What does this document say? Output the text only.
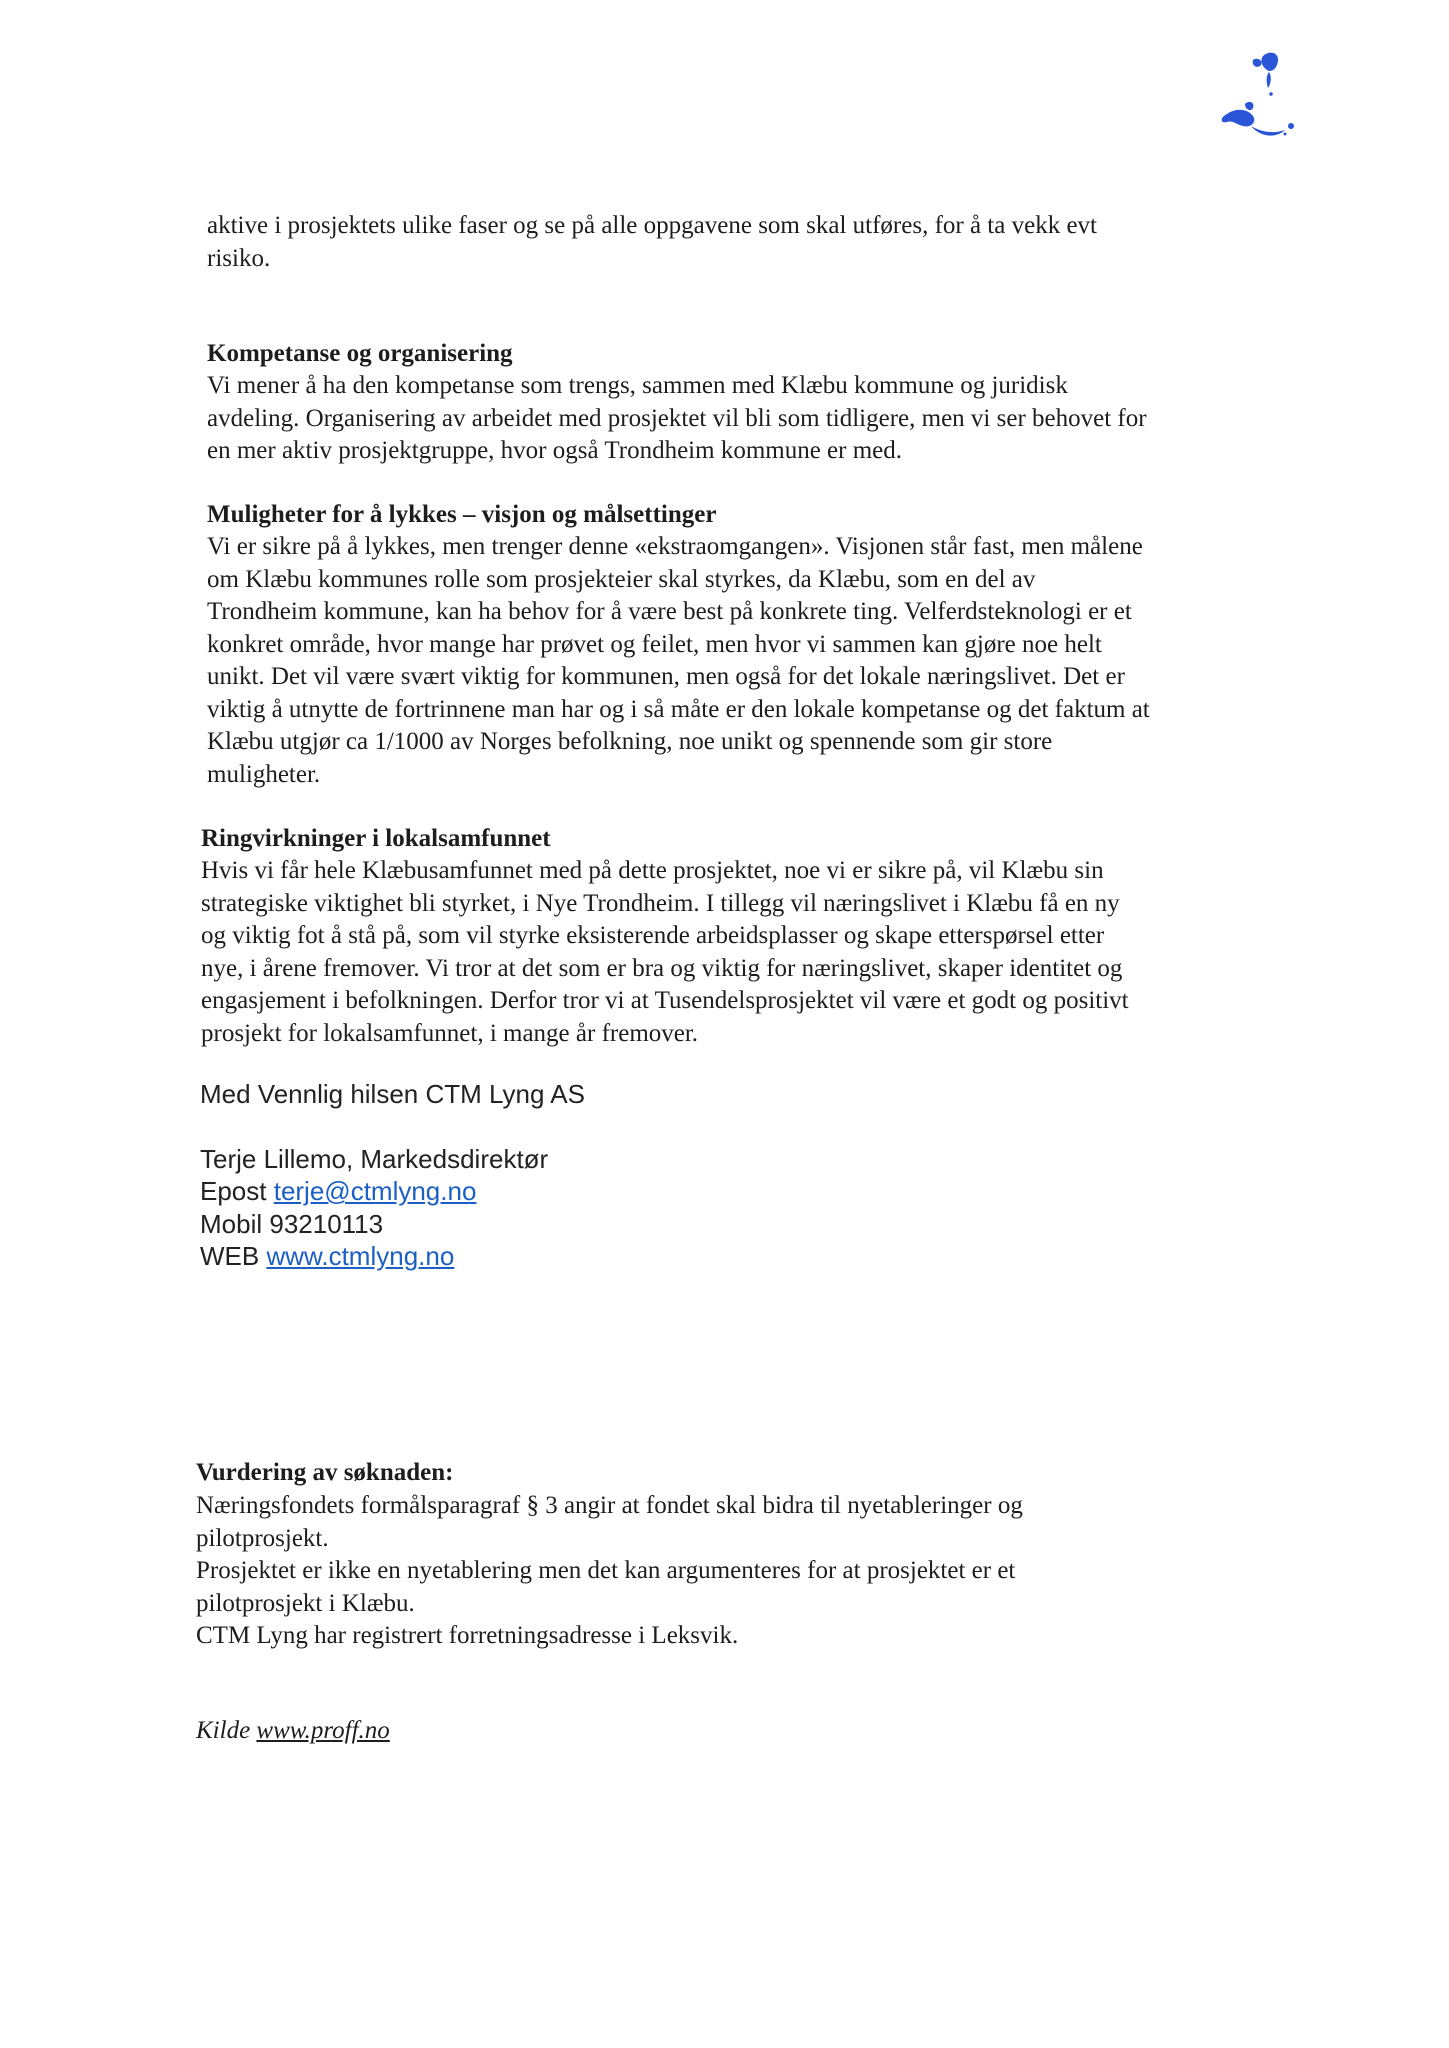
aktive i prosjektets ulike faser og se på alle oppgavene som skal utføres, for å ta vekk evt
risiko.

Kompetanse og organisering
Vi mener å ha den kompetanse som trengs, sammen med Klæbu kommune og juridisk
avdeling. Organisering av arbeidet med prosjektet vil bli som tidligere, men vi ser behovet for
en mer aktiv prosjektgruppe, hvor også Trondheim kommune er med.

Muligheter for å lykkes – visjon og målsettinger
Vi er sikre på å lykkes, men trenger denne «ekstraomgangen». Visjonen står fast, men målene
om Klæbu kommunes rolle som prosjekteier skal styrkes, da Klæbu, som en del av
Trondheim kommune, kan ha behov for å være best på konkrete ting. Velferdsteknologi er et
konkret område, hvor mange har prøvet og feilet, men hvor vi sammen kan gjøre noe helt
unikt. Det vil være svært viktig for kommunen, men også for det lokale næringslivet. Det er
viktig å utnytte de fortrinnene man har og i så måte er den lokale kompetanse og det faktum at
Klæbu utgjør ca 1/1000 av Norges befolkning, noe unikt og spennende som gir store
muligheter.

Ringvirkninger i lokalsamfunnet
Hvis vi får hele Klæbusamfunnet med på dette prosjektet, noe vi er sikre på, vil Klæbu sin
strategiske viktighet bli styrket, i Nye Trondheim. I tillegg vil næringslivet i Klæbu få en ny
og viktig fot å stå på, som vil styrke eksisterende arbeidsplasser og skape etterspørsel etter
nye, i årene fremover. Vi tror at det som er bra og viktig for næringslivet, skaper identitet og
engasjement i befolkningen. Derfor tror vi at Tusendelsprosjektet vil være et godt og positivt
prosjekt for lokalsamfunnet, i mange år fremover.

Med Vennlig hilsen CTM Lyng AS
Terje Lillemo, Markedsdirektør
Epost terje@ctmlyng.no
Mobil 93210113
WEB www.ctmlyng.no

Vurdering av søknaden:

Næringsfondets formålsparagraf § 3 angir at fondet skal bidra til nyetableringer og
pilotprosjekt.
Prosjektet er ikke en nyetablering men det kan argumenteres for at prosjektet er et
pilotprosjekt i Klæbu.
CTM Lyng har registrert forretningsadresse i Leksvik.

Kilde www.proff.no
